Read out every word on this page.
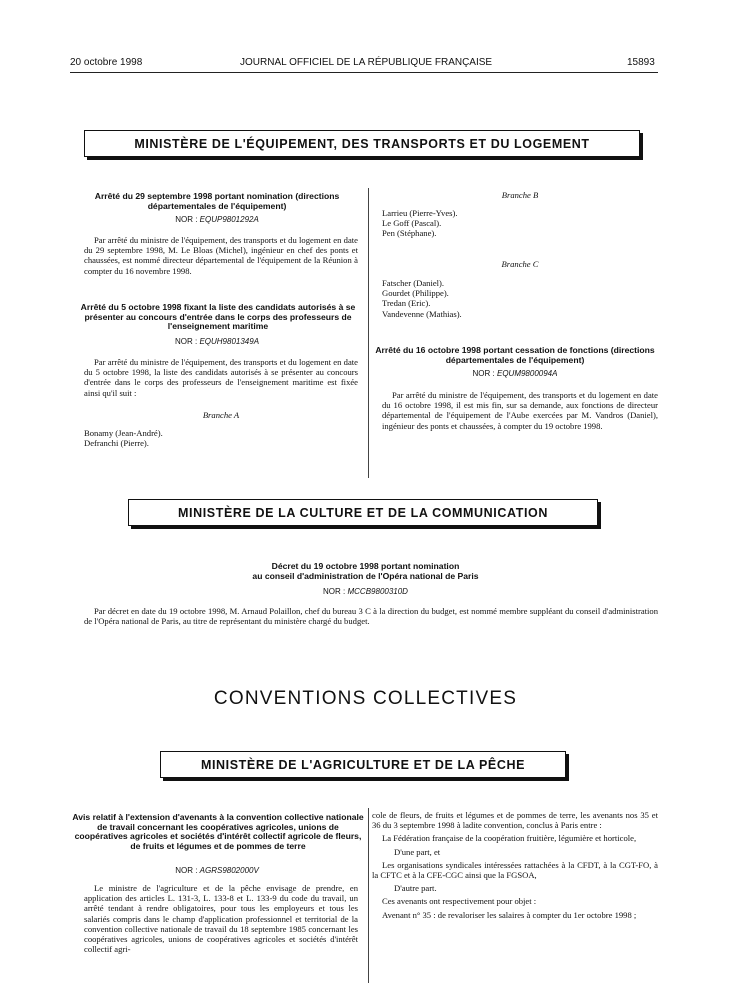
20 octobre 1998	JOURNAL OFFICIEL DE LA RÉPUBLIQUE FRANÇAISE	15893
MINISTÈRE DE L'ÉQUIPEMENT, DES TRANSPORTS ET DU LOGEMENT
Arrêté du 29 septembre 1998 portant nomination (directions départementales de l'équipement)
NOR : EQUP9801292A
Par arrêté du ministre de l'équipement, des transports et du logement en date du 29 septembre 1998, M. Le Bloas (Michel), ingénieur en chef des ponts et chaussées, est nommé directeur départemental de l'équipement de la Réunion à compter du 16 novembre 1998.
Arrêté du 5 octobre 1998 fixant la liste des candidats autorisés à se présenter au concours d'entrée dans le corps des professeurs de l'enseignement maritime
NOR : EQUH9801349A
Par arrêté du ministre de l'équipement, des transports et du logement en date du 5 octobre 1998, la liste des candidats autorisés à se présenter au concours d'entrée dans le corps des professeurs de l'enseignement maritime est fixée ainsi qu'il suit :
Branche A
Bonamy (Jean-André).
Defranchi (Pierre).
Branche B
Larrieu (Pierre-Yves).
Le Goff (Pascal).
Pen (Stéphane).
Branche C
Fatscher (Daniel).
Gourdet (Philippe).
Tredan (Eric).
Vandevenne (Mathias).
Arrêté du 16 octobre 1998 portant cessation de fonctions (directions départementales de l'équipement)
NOR : EQUM9800094A
Par arrêté du ministre de l'équipement, des transports et du logement en date du 16 octobre 1998, il est mis fin, sur sa demande, aux fonctions de directeur départemental de l'équipement de l'Aube exercées par M. Vandros (Daniel), ingénieur des ponts et chaussées, à compter du 19 octobre 1998.
MINISTÈRE DE LA CULTURE ET DE LA COMMUNICATION
Décret du 19 octobre 1998 portant nomination
au conseil d'administration de l'Opéra national de Paris
NOR : MCCB9800310D
Par décret en date du 19 octobre 1998, M. Arnaud Polaillon, chef du bureau 3 C à la direction du budget, est nommé membre suppléant du conseil d'administration de l'Opéra national de Paris, au titre de représentant du ministère chargé du budget.
CONVENTIONS COLLECTIVES
MINISTÈRE DE L'AGRICULTURE ET DE LA PÊCHE
Avis relatif à l'extension d'avenants à la convention collective nationale de travail concernant les coopératives agricoles, unions de coopératives agricoles et sociétés d'intérêt collectif agricole de fleurs, de fruits et légumes et de pommes de terre
NOR : AGRS9802000V
Le ministre de l'agriculture et de la pêche envisage de prendre, en application des articles L. 131-3, L. 133-8 et L. 133-9 du code du travail, un arrêté tendant à rendre obligatoires, pour tous les employeurs et tous les salariés compris dans le champ d'application professionnel et territorial de la convention collective nationale de travail du 18 septembre 1985 concernant les coopératives agricoles, unions de coopératives agricoles et sociétés d'intérêt collectif agri-
cole de fleurs, de fruits et légumes et de pommes de terre, les avenants nos 35 et 36 du 3 septembre 1998 à ladite convention, conclus à Paris entre :
La Fédération française de la coopération fruitière, légumière et horticole,
D'une part, et
Les organisations syndicales intéressées rattachées à la CFDT, à la CGT-FO, à la CFTC et à la CFE-CGC ainsi que la FGSOA,
D'autre part.
Ces avenants ont respectivement pour objet :
Avenant n° 35 : de revaloriser les salaires à compter du 1er octobre 1998 ;
